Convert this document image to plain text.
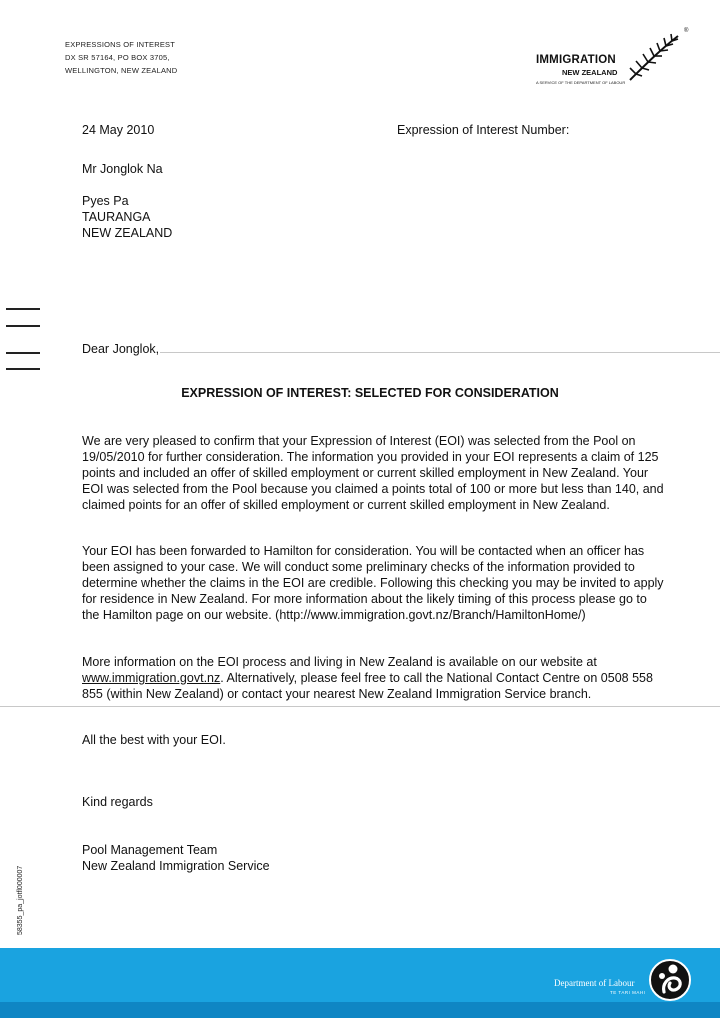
EXPRESSIONS OF INTEREST
DX SR 57164, PO BOX 3705,
WELLINGTON, NEW ZEALAND
IMMIGRATION
NEW ZEALAND
A SERVICE OF THE DEPARTMENT OF LABOUR
®
24 May 2010	Expression of Interest Number:
Mr Jonglok Na
Pyes Pa
TAURANGA
NEW ZEALAND
Dear Jonglok,
EXPRESSION OF INTEREST: SELECTED FOR CONSIDERATION
We are very pleased to confirm that your Expression of Interest (EOI) was selected from the Pool on 19/05/2010 for further consideration. The information you provided in your EOI represents a claim of 125 points and included an offer of skilled employment or current skilled employment in New Zealand. Your EOI was selected from the Pool because you claimed a points total of 100 or more but less than 140, and claimed points for an offer of skilled employment or current skilled employment in New Zealand.
Your EOI has been forwarded to Hamilton for consideration. You will be contacted when an officer has been assigned to your case. We will conduct some preliminary checks of the information provided to determine whether the claims in the EOI are credible. Following this checking you may be invited to apply for residence in New Zealand. For more information about the likely timing of this process please go to the Hamilton page on our website. (http://www.immigration.govt.nz/Branch/HamiltonHome/)
More information on the EOI process and living in New Zealand is available on our website at www.immigration.govt.nz. Alternatively, please feel free to call the National Contact Centre on 0508 558 855 (within New Zealand) or contact your nearest New Zealand Immigration Service branch.
All the best with your EOI.
Kind regards
Pool Management Team
New Zealand Immigration Service
58355_pa_jotfl000007
Department of Labour
TE TARI MAHI
